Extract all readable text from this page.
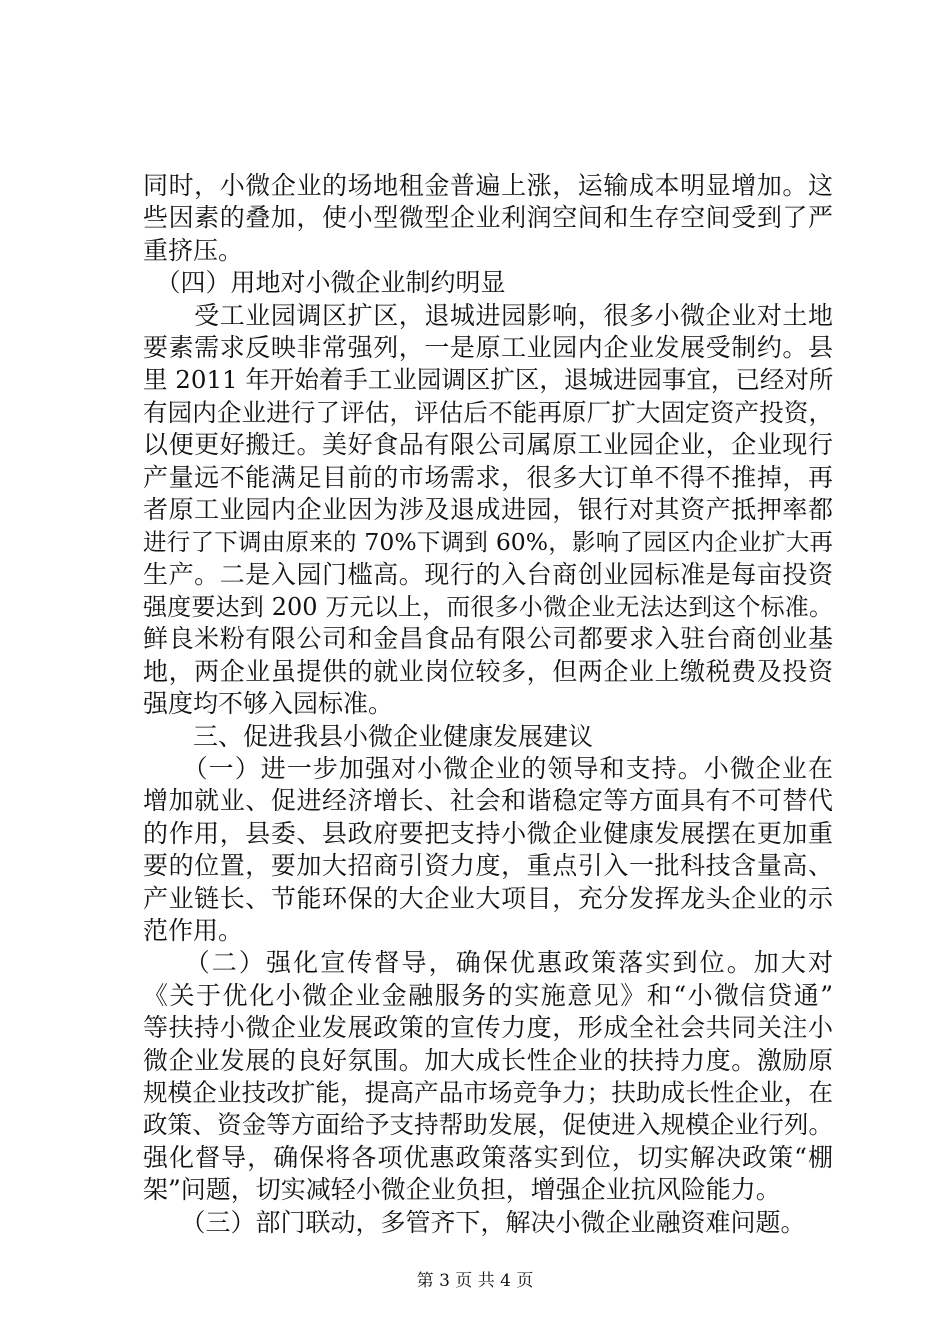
同时，小微企业的场地租金普遍上涨，运输成本明显增加。这
些因素的叠加，使小型微型企业利润空间和生存空间受到了严
重挤压。
　（四）用地对小微企业制约明显
　　受工业园调区扩区，退城进园影响，很多小微企业对土地
要素需求反映非常强列，一是原工业园内企业发展受制约。县
里 2011 年开始着手工业园调区扩区，退城进园事宜，已经对所
有园内企业进行了评估，评估后不能再原厂扩大固定资产投资，
以便更好搬迁。美好食品有限公司属原工业园企业，企业现行
产量远不能满足目前的市场需求，很多大订单不得不推掉，再
者原工业园内企业因为涉及退成进园，银行对其资产抵押率都
进行了下调由原来的 70%下调到 60%，影响了园区内企业扩大再
生产。二是入园门槛高。现行的入台商创业园标准是每亩投资
强度要达到 200 万元以上，而很多小微企业无法达到这个标准。
鲜良米粉有限公司和金昌食品有限公司都要求入驻台商创业基
地，两企业虽提供的就业岗位较多，但两企业上缴税费及投资
强度均不够入园标准。
　　三、促进我县小微企业健康发展建议
　　（一）进一步加强对小微企业的领导和支持。小微企业在
增加就业、促进经济增长、社会和谐稳定等方面具有不可替代
的作用，县委、县政府要把支持小微企业健康发展摆在更加重
要的位置，要加大招商引资力度，重点引入一批科技含量高、
产业链长、节能环保的大企业大项目，充分发挥龙头企业的示
范作用。
　　（二）强化宣传督导，确保优惠政策落实到位。加大对
《关于优化小微企业金融服务的实施意见》和“小微信贷通”
等扶持小微企业发展政策的宣传力度，形成全社会共同关注小
微企业发展的良好氛围。加大成长性企业的扶持力度。激励原
规模企业技改扩能，提高产品市场竞争力；扶助成长性企业，在
政策、资金等方面给予支持帮助发展，促使进入规模企业行列。
强化督导，确保将各项优惠政策落实到位，切实解决政策“棚
架”问题，切实减轻小微企业负担，增强企业抗风险能力。
　　（三）部门联动，多管齐下，解决小微企业融资难问题。
第 3 页 共 4 页
